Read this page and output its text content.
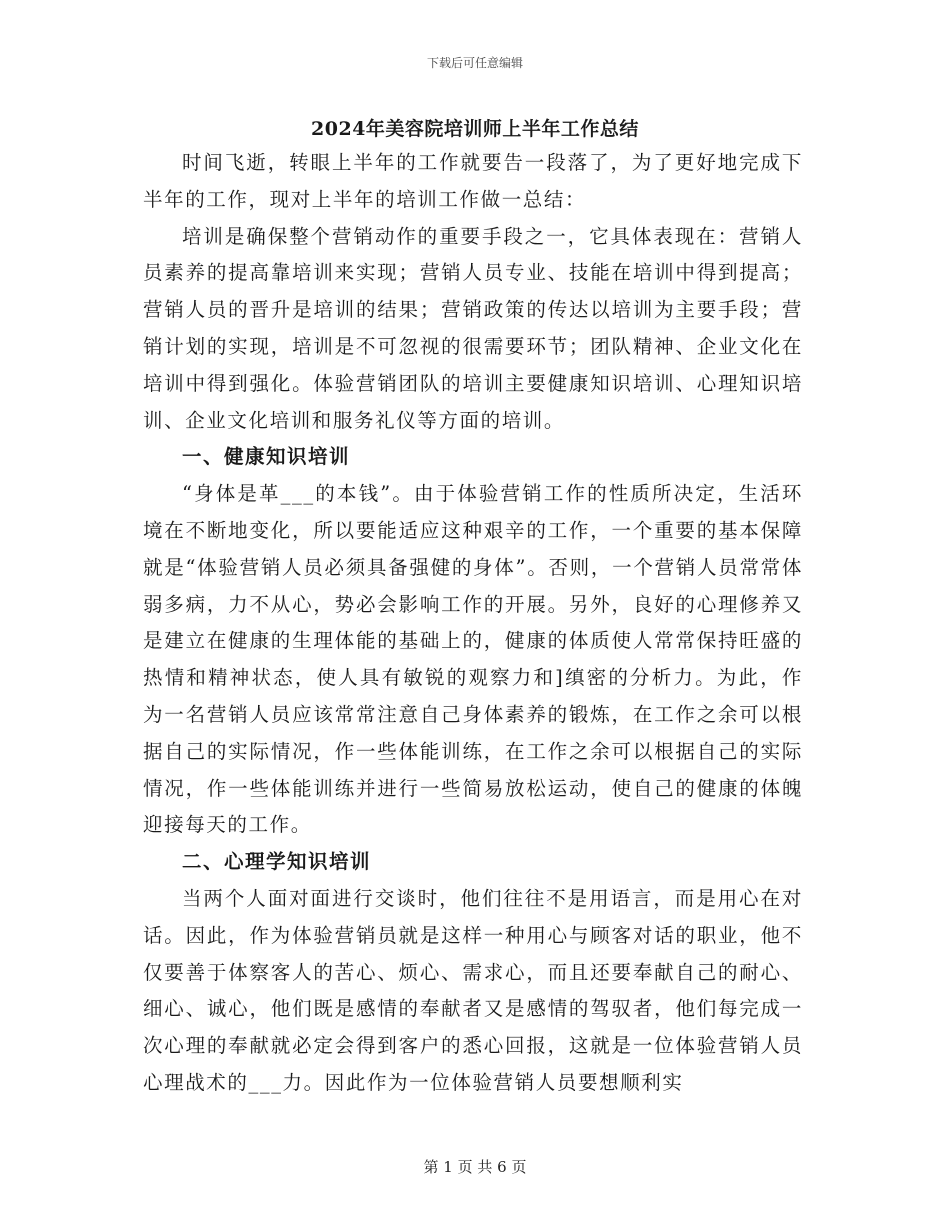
下载后可任意编辑
2024年美容院培训师上半年工作总结

时间飞逝，转眼上半年的工作就要告一段落了，为了更好地完成下半年的工作，现对上半年的培训工作做一总结：

培训是确保整个营销动作的重要手段之一，它具体表现在：营销人员素养的提高靠培训来实现；营销人员专业、技能在培训中得到提高；营销人员的晋升是培训的结果；营销政策的传达以培训为主要手段；营销计划的实现，培训是不可忽视的很需要环节；团队精神、企业文化在培训中得到强化。体验营销团队的培训主要健康知识培训、心理知识培训、企业文化培训和服务礼仪等方面的培训。

一、健康知识培训

“身体是革___的本钱”。由于体验营销工作的性质所决定，生活环境在不断地变化，所以要能适应这种艰辛的工作，一个重要的基本保障就是“体验营销人员必须具备强健的身体”。否则，一个营销人员常常体弱多病，力不从心，势必会影响工作的开展。另外，良好的心理修养又是建立在健康的生理体能的基础上的，健康的体质使人常常保持旺盛的热情和精神状态，使人具有敏锐的观察力和]缜密的分析力。为此，作为一名营销人员应该常常注意自己身体素养的锻炼，在工作之余可以根据自己的实际情况，作一些体能训练，在工作之余可以根据自己的实际情况，作一些体能训练并进行一些简易放松运动，使自己的健康的体魄迎接每天的工作。

二、心理学知识培训

当两个人面对面进行交谈时，他们往往不是用语言，而是用心在对话。因此，作为体验营销员就是这样一种用心与顾客对话的职业，他不仅要善于体察客人的苦心、烦心、需求心，而且还要奉献自己的耐心、细心、诚心，他们既是感情的奉献者又是感情的驾驭者，他们每完成一次心理的奉献就必定会得到客户的悉心回报，这就是一位体验营销人员心理战术的___力。因此作为一位体验营销人员要想顺利实

第 1 页 共 6 页
